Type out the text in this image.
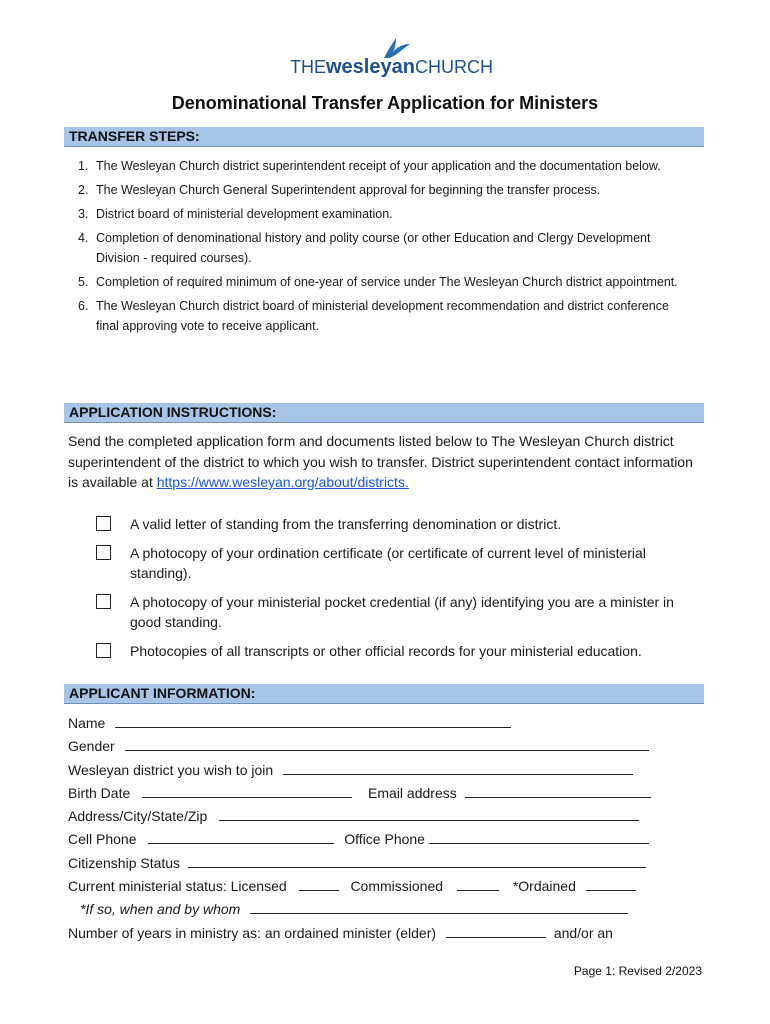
THEwesleyanCHURCH
Denominational Transfer Application for Ministers
TRANSFER STEPS:
1. The Wesleyan Church district superintendent receipt of your application and the documentation below.
2. The Wesleyan Church General Superintendent approval for beginning the transfer process.
3. District board of ministerial development examination.
4. Completion of denominational history and polity course (or other Education and Clergy Development Division - required courses).
5. Completion of required minimum of one-year of service under The Wesleyan Church district appointment.
6. The Wesleyan Church district board of ministerial development recommendation and district conference final approving vote to receive applicant.
APPLICATION INSTRUCTIONS:
Send the completed application form and documents listed below to The Wesleyan Church district superintendent of the district to which you wish to transfer. District superintendent contact information is available at https://www.wesleyan.org/about/districts.
A valid letter of standing from the transferring denomination or district.
A photocopy of your ordination certificate (or certificate of current level of ministerial standing).
A photocopy of your ministerial pocket credential (if any) identifying you are a minister in good standing.
Photocopies of all transcripts or other official records for your ministerial education.
APPLICANT INFORMATION:
Name
Gender
Wesleyan district you wish to join
Birth Date	Email address
Address/City/State/Zip
Cell Phone	Office Phone
Citizenship Status
Current ministerial status: Licensed	Commissioned	*Ordained
*If so, when and by whom
Number of years in ministry as: an ordained minister (elder)	and/or an
Page 1: Revised 2/2023
